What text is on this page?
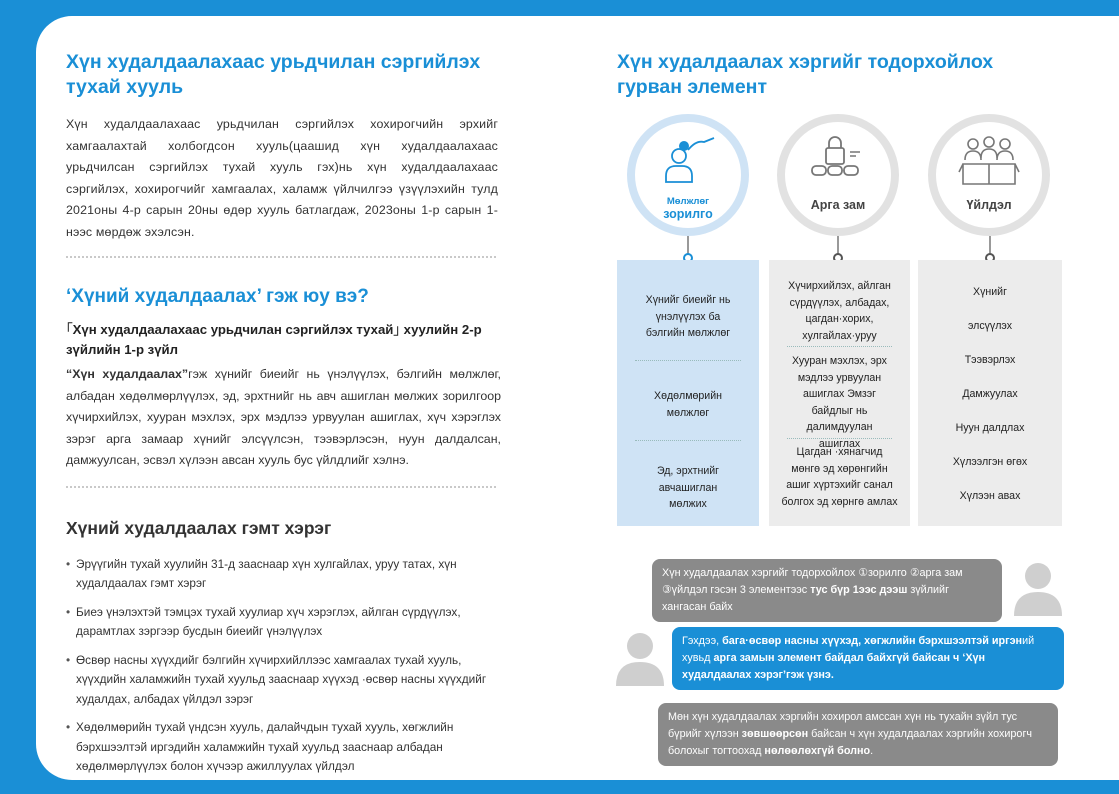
Хүн худалдаалахаас урьдчилан сэргийлэх тухай хууль
Хүн худалдаалахаас урьдчилан сэргийлэх хохирогчийн эрхийг хамгаалахтай холбогдсон хууль(цаашид хүн худалдаалахаас урьдчилсан сэргийлэх тухай хууль гэх)нь хүн худалдаалахаас сэргийлэх, хохирогчийг хамгаалах, халамж үйлчилгээ үзүүлэхийн тулд 2021оны 4-р сарын 20ны өдөр хууль батлагдаж, 2023оны 1-р сарын 1-нээс мөрдөж эхэлсэн.
‘Хүний худалдаалах’ гэж юу вэ?
｢Хүн худалдаалахаас урьдчилан сэргийлэх тухай｣ хуулийн 2-р зүйлийн 1-р зүйл
“Хүн худалдаалах”гэж хүнийг биеийг нь үнэлүүлэх, бэлгийн мөлжлөг, албадан хөдөлмөрлүүлэх, эд, эрхтнийг нь авч ашиглан мөлжих зорилгоор хүчирхийлэх, хууран мэхлэх, эрх мэдлээ урвуулан ашиглах, хүч хэрэглэх зэрэг арга замаар хүнийг элсүүлсэн, тээвэрлэсэн, нуун далдалсан, дамжуулсан, эсвэл хүлээн авсан хууль бус үйлдлийг хэлнэ.
Хүний худалдаалах гэмт хэрэг
• Эрүүгийн тухай хуулийн 31-д зааснаар хүн хулгайлах, уруу татах, хүн худалдаалах гэмт хэрэг
• Биеэ үнэлэхтэй тэмцэх тухай хуулиар хүч хэрэглэх, айлган сүрдүүлэх, дарамтлах зэргээр бусдын биеийг үнэлүүлэх
• Өсвөр насны хүүхдийг бэлгийн хүчирхийллээс хамгаалах тухай хууль, хүүхдийн халамжийн тухай хуульд зааснаар хүүхэд ·өсвөр насны хүүхдийг худалдах, албадах үйлдэл зэрэг
• Хөдөлмөрийн тухай үндсэн хууль, далайчдын тухай хууль, хөгжлийн бэрхшээлтэй иргэдийн халамжийн тухай хуульд зааснаар албадан хөдөлмөрлүүлэх болон хүчээр ажиллуулах үйлдэл
Хүн худалдаалах хэргийг тодорхойлох гурван элемент
Мөлжлөг
зорилго
Арга зам	Үйлдэл
Хүнийг биеийг нь үнэлүүлэх ба бэлгийн мөлжлөг
Хөдөлмөрийн мөлжлөг
Эд, эрхтнийг авчашиглан мөлжих
Хүчирхийлэх, айлган сүрдүүлэх, албадах, цагдан·хорих, хулгайлах·уруу
Хууран мэхлэх, эрх мэдлээ урвуулан ашиглах Эмзэг байдлыг нь далимдуулан ашиглах
Цагдан ·хянагчид мөнгө эд хөрөнгийн ашиг хүртэхийг санал болгох эд хөрнгө амлах
Хүнийг
элсүүлэх
Тээвэрлэх
Дамжуулах
Нуун далдлах
Хүлээлгэн өгөх
Хүлээн авах
Хүн худалдаалах хэргийг тодорхойлох ①зорилго ②арга зам ③үйлдэл гэсэн 3 элементээс тус бүр 1ээс дээш зүйлийг хангасан байх
Гэхдээ, бага·өсвөр насны хүүхэд, хөгжлийн бэрхшээлтэй иргэний хувьд арга замын элемент байдал байхгүй байсан ч ‘Хүн худалдаалах хэрэг’гэж үзнэ.
Мөн хүн худалдаалах хэргийн хохирол амссан хүн нь тухайн зүйл тус бүрийг хүлээн зөвшөөрсөн байсан ч хүн худалдаалах хэргийн хохирогч болохыг тогтоохад нөлөөлөхгүй болно.
